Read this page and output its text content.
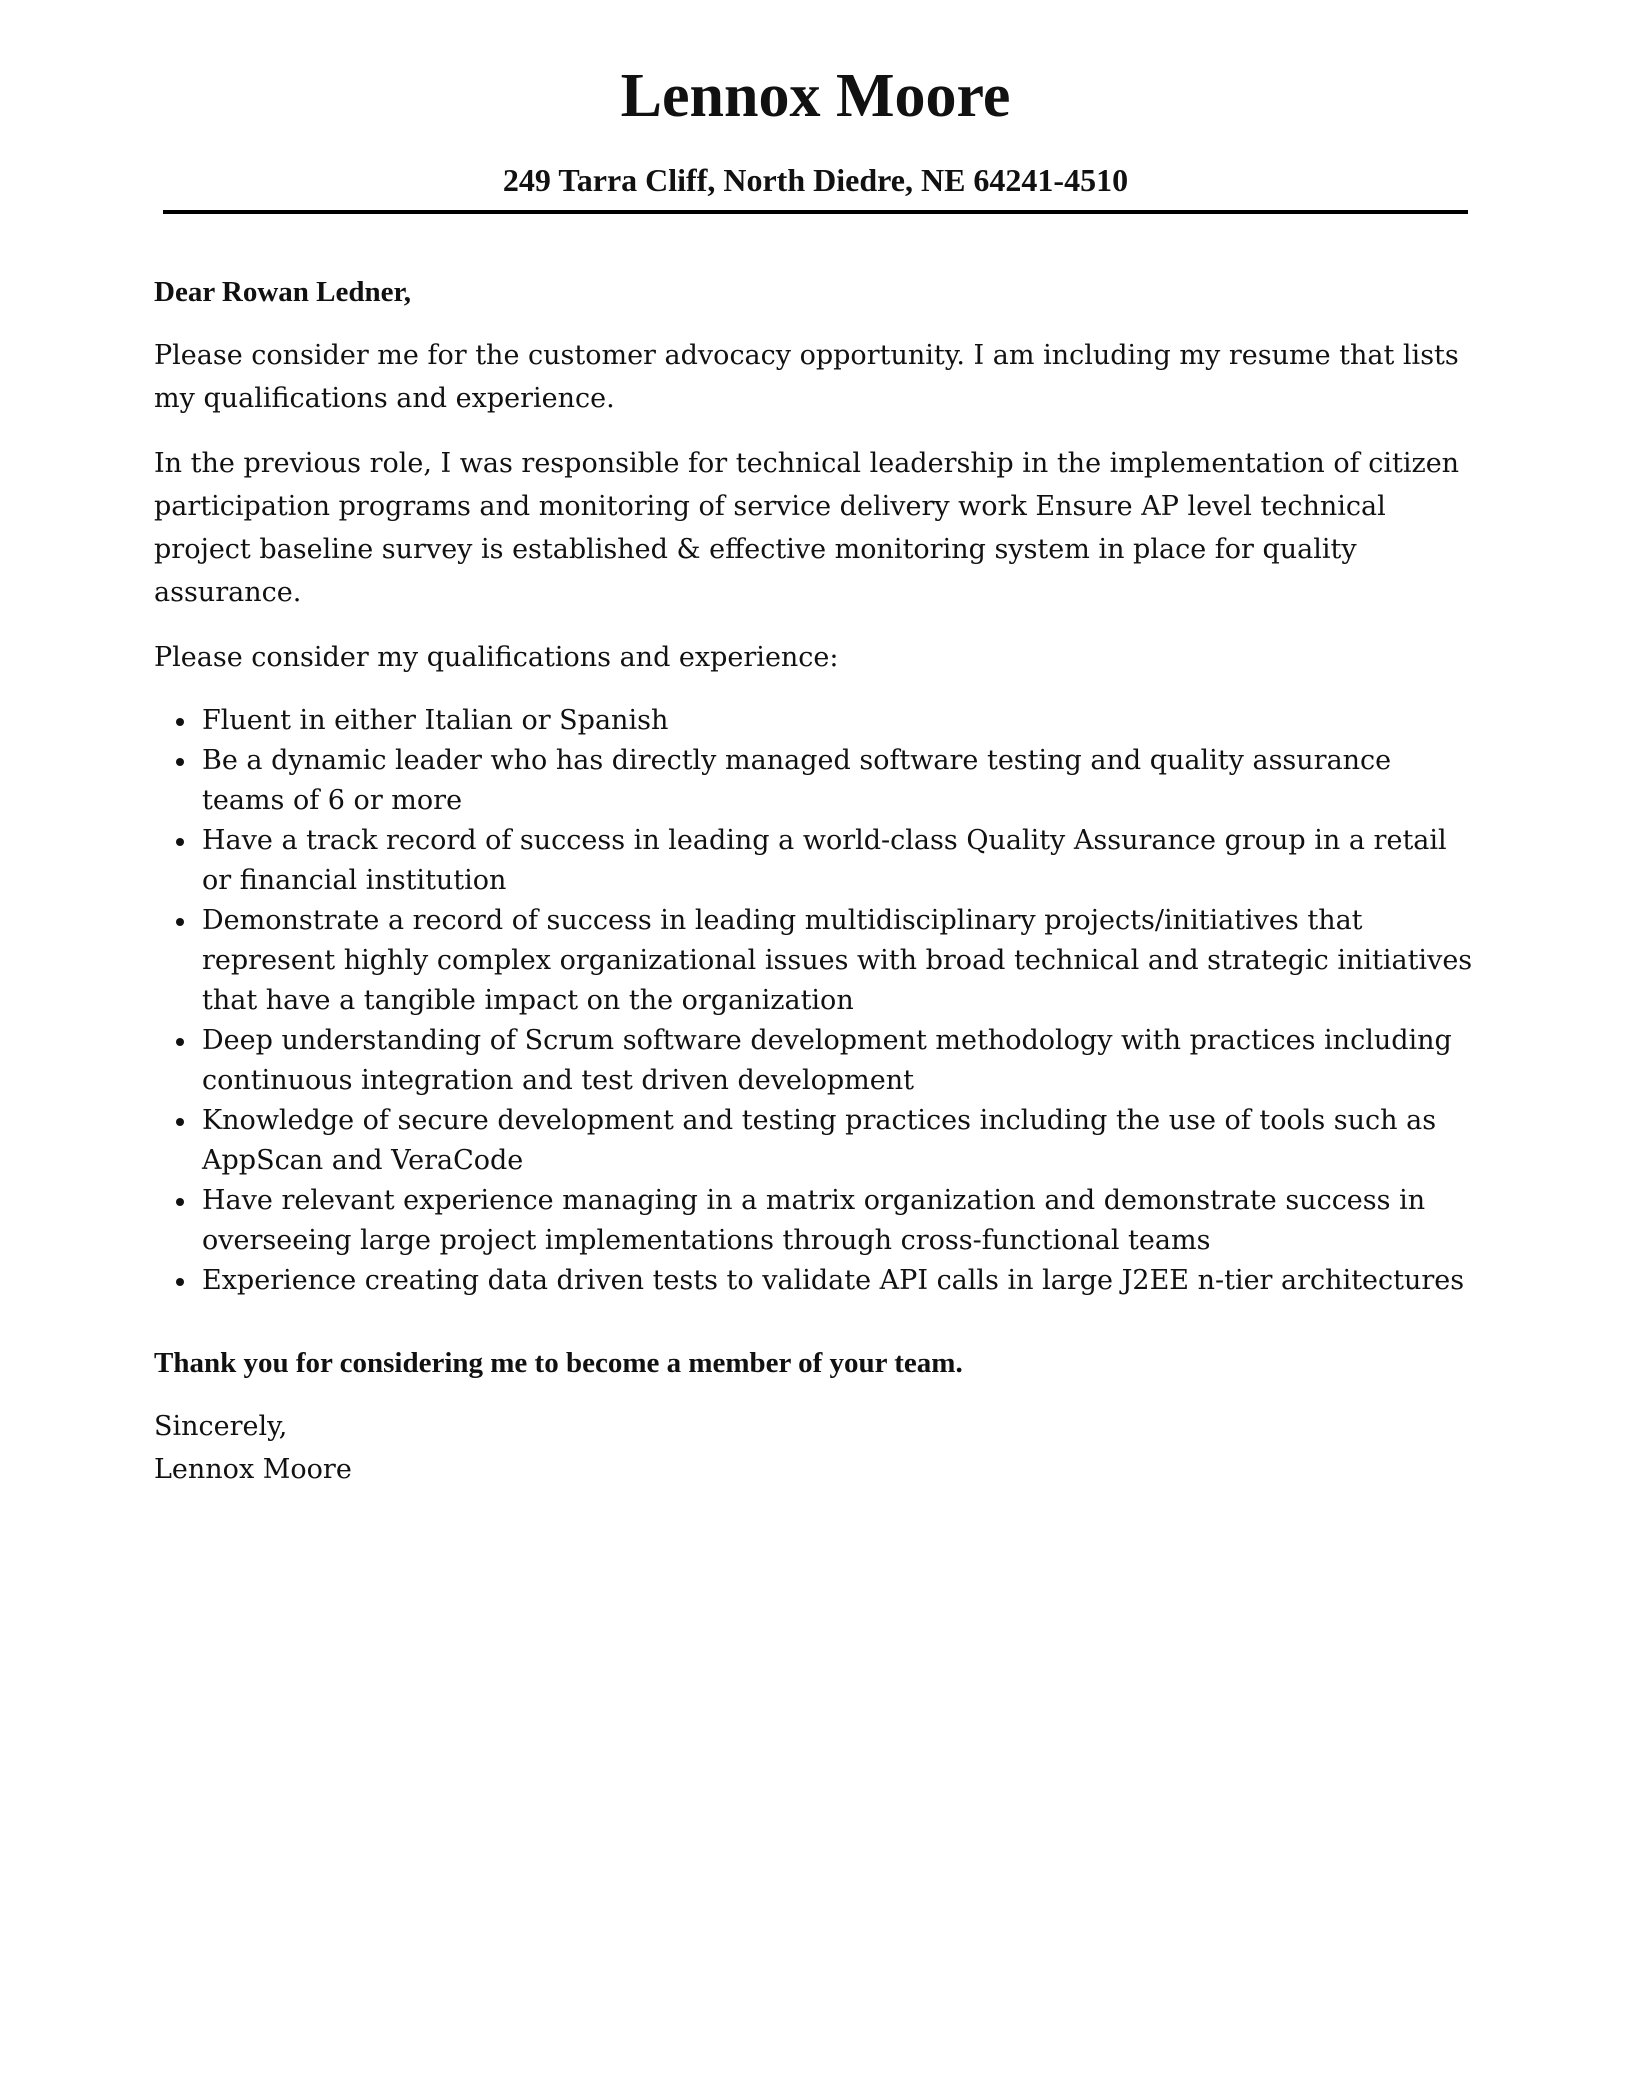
Lennox Moore
249 Tarra Cliff, North Diedre, NE 64241-4510

Dear Rowan Ledner,

Please consider me for the customer advocacy opportunity. I am including my resume that lists my qualifications and experience.

In the previous role, I was responsible for technical leadership in the implementation of citizen participation programs and monitoring of service delivery work Ensure AP level technical project baseline survey is established & effective monitoring system in place for quality assurance.

Please consider my qualifications and experience:

Fluent in either Italian or Spanish
Be a dynamic leader who has directly managed software testing and quality assurance teams of 6 or more
Have a track record of success in leading a world-class Quality Assurance group in a retail or financial institution
Demonstrate a record of success in leading multidisciplinary projects/initiatives that represent highly complex organizational issues with broad technical and strategic initiatives that have a tangible impact on the organization
Deep understanding of Scrum software development methodology with practices including continuous integration and test driven development
Knowledge of secure development and testing practices including the use of tools such as AppScan and VeraCode
Have relevant experience managing in a matrix organization and demonstrate success in overseeing large project implementations through cross-functional teams
Experience creating data driven tests to validate API calls in large J2EE n-tier architectures

Thank you for considering me to become a member of your team.

Sincerely,

Lennox Moore
